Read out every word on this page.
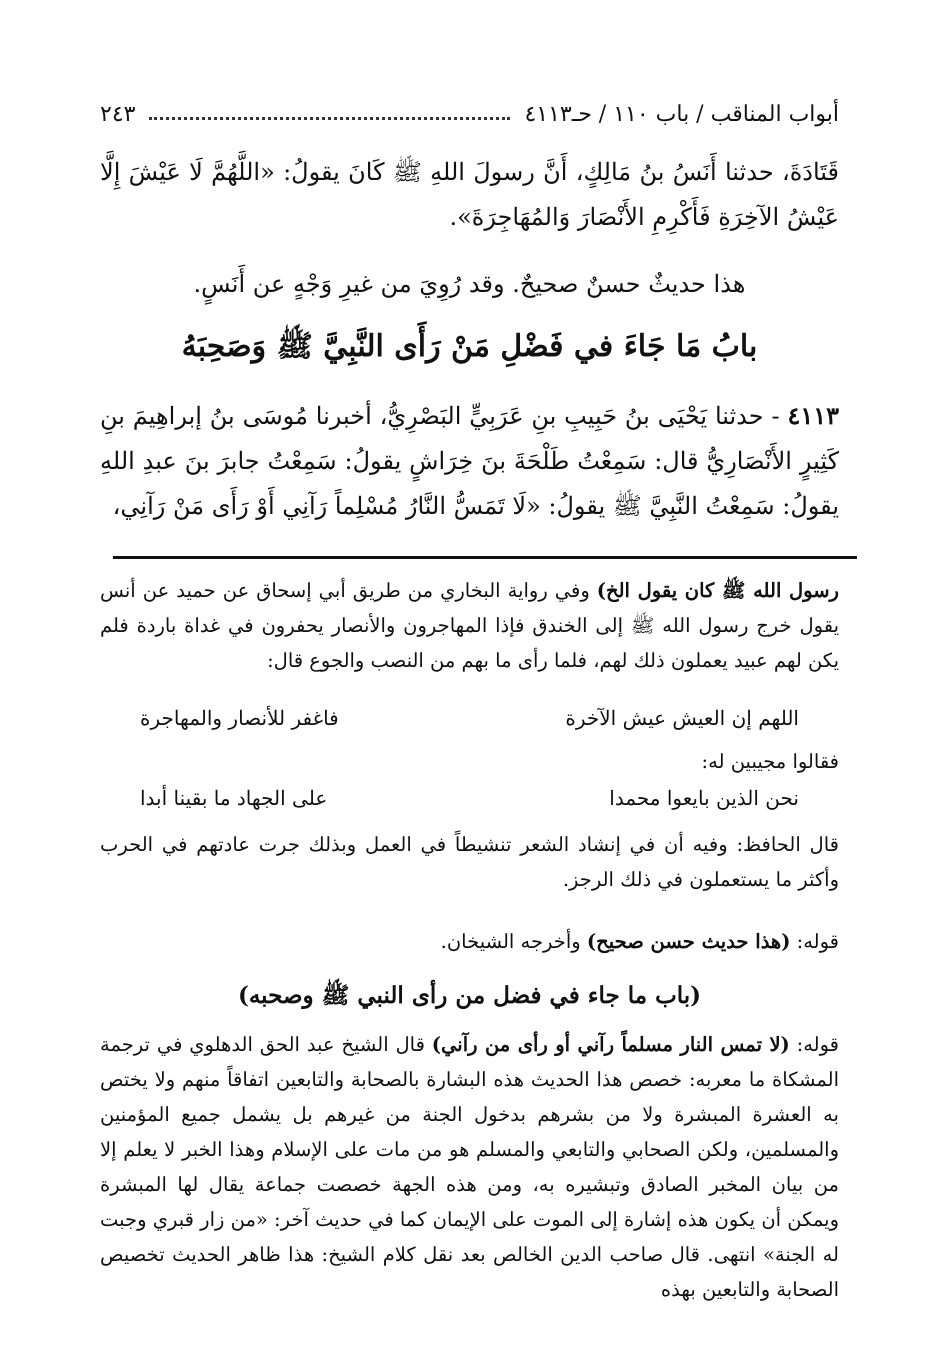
أبواب المناقب / باب ١١٠ / حـ٤١١٣
٢٤٣
قَتَادَةَ، حدثنا أَنَسُ بنُ مَالِكٍ، أَنَّ رسولَ اللهِ ﷺ كَانَ يقولُ: «اللَّهُمَّ لَا عَيْشَ إِلَّا عَيْشُ الآخِرَةِ فَأَكْرِمِ الأَنْصَارَ وَالمُهَاجِرَةَ».
هذا حديثٌ حسنٌ صحيحٌ. وقد رُوِيَ من غيرِ وَجْهٍ عن أَنَسٍ.
بابُ مَا جَاءَ في فَضْلِ مَنْ رَأَى النَّبِيَّ ﷺ وَصَحِبَهُ
٤١١٣ - حدثنا يَحْيَى بنُ حَبِيبِ بنِ عَرَبِيٍّ البَصْرِيُّ، أخبرنا مُوسَى بنُ إبراهِيمَ بنِ كَثِيرٍ الأَنْصَارِيُّ قال: سَمِعْتُ طَلْحَةَ بنَ خِرَاشٍ يقولُ: سَمِعْتُ جابرَ بنَ عبدِ اللهِ يقولُ: سَمِعْتُ النَّبِيَّ ﷺ يقولُ: «لَا تَمَسُّ النَّارُ مُسْلِماً رَآنِي أَوْ رَأَى مَنْ رَآنِي،
رسول الله ﷺ كان يقول الخ) وفي رواية البخاري من طريق أبي إسحاق عن حميد عن أنس يقول خرج رسول الله ﷺ إلى الخندق فإذا المهاجرون والأنصار يحفرون في غداة باردة فلم يكن لهم عبيد يعملون ذلك لهم، فلما رأى ما بهم من النصب والجوع قال:
اللهم إن العيش عيش الآخرة
فاغفر للأنصار والمهاجرة
فقالوا مجيبين له:
نحن الذين بايعوا محمدا
على الجهاد ما بقينا أبدا
قال الحافظ: وفيه أن في إنشاد الشعر تنشيطاً في العمل وبذلك جرت عادتهم في الحرب وأكثر ما يستعملون في ذلك الرجز.
قوله: (هذا حديث حسن صحيح) وأخرجه الشيخان.
(باب ما جاء في فضل من رأى النبي ﷺ وصحبه)
قوله: (لا تمس النار مسلماً رآني أو رأى من رآني) قال الشيخ عبد الحق الدهلوي في ترجمة المشكاة ما معربه: خصص هذا الحديث هذه البشارة بالصحابة والتابعين اتفاقاً منهم ولا يختص به العشرة المبشرة ولا من بشرهم بدخول الجنة من غيرهم بل يشمل جميع المؤمنين والمسلمين، ولكن الصحابي والتابعي والمسلم هو من مات على الإسلام وهذا الخبر لا يعلم إلا من بيان المخبر الصادق وتبشيره به، ومن هذه الجهة خصصت جماعة يقال لها المبشرة ويمكن أن يكون هذه إشارة إلى الموت على الإيمان كما في حديث آخر: «من زار قبري وجبت له الجنة» انتهى. قال صاحب الدين الخالص بعد نقل كلام الشيخ: هذا ظاهر الحديث تخصيص الصحابة والتابعين بهذه
